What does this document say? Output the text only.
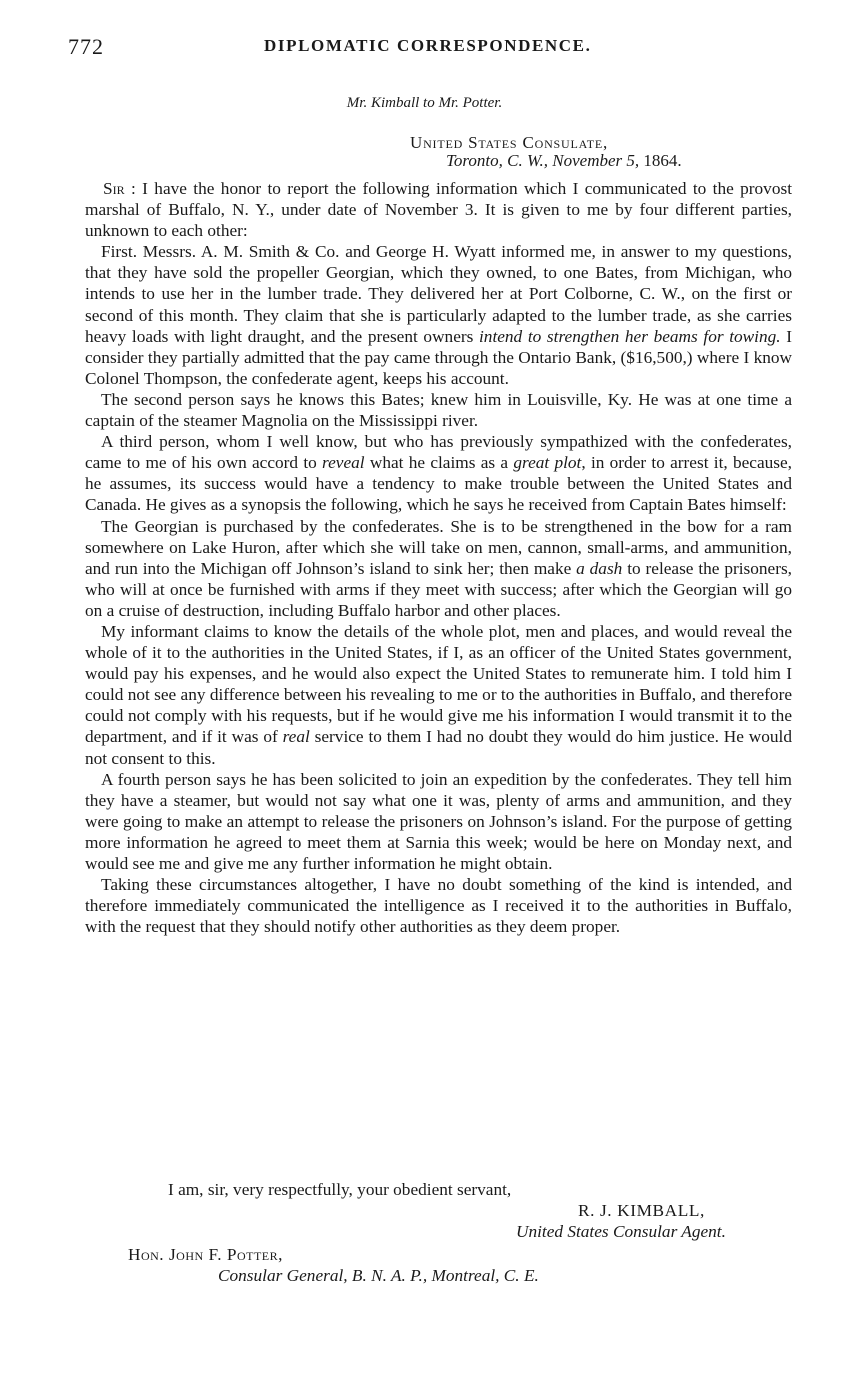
772	DIPLOMATIC CORRESPONDENCE.
Mr. Kimball to Mr. Potter.
United States Consulate,
Toronto, C. W., November 5, 1864.

Sir : I have the honor to report the following information which I communicated to the provost marshal of Buffalo, N. Y., under date of November 3. It is given to me by four different parties, unknown to each other:

First. Messrs. A. M. Smith & Co. and George H. Wyatt informed me, in answer to my questions, that they have sold the propeller Georgian, which they owned, to one Bates, from Michigan, who intends to use her in the lumber trade. They delivered her at Port Colborne, C. W., on the first or second of this month. They claim that she is particularly adapted to the lumber trade, as she carries heavy loads with light draught, and the present owners intend to strengthen her beams for towing. I consider they partially admitted that the pay came through the Ontario Bank, ($16,500,) where I know Colonel Thompson, the confederate agent, keeps his account.

The second person says he knows this Bates; knew him in Louisville, Ky. He was at one time a captain of the steamer Magnolia on the Mississippi river.

A third person, whom I well know, but who has previously sympathized with the confederates, came to me of his own accord to reveal what he claims as a great plot, in order to arrest it, because, he assumes, its success would have a tendency to make trouble between the United States and Canada. He gives as a synopsis the following, which he says he received from Captain Bates himself:

The Georgian is purchased by the confederates. She is to be strengthened in the bow for a ram somewhere on Lake Huron, after which she will take on men, cannon, small-arms, and ammunition, and run into the Michigan off Johnson’s island to sink her; then make a dash to release the prisoners, who will at once be furnished with arms if they meet with success; after which the Georgian will go on a cruise of destruction, including Buffalo harbor and other places.

My informant claims to know the details of the whole plot, men and places, and would reveal the whole of it to the authorities in the United States, if I, as an officer of the United States government, would pay his expenses, and he would also expect the United States to remunerate him. I told him I could not see any difference between his revealing to me or to the authorities in Buffalo, and therefore could not comply with his requests, but if he would give me his information I would transmit it to the department, and if it was of real service to them I had no doubt they would do him justice. He would not consent to this.

A fourth person says he has been solicited to join an expedition by the confederates. They tell him they have a steamer, but would not say what one it was, plenty of arms and ammunition, and they were going to make an attempt to release the prisoners on Johnson’s island. For the purpose of getting more information he agreed to meet them at Sarnia this week; would be here on Monday next, and would see me and give me any further information he might obtain.

Taking these circumstances altogether, I have no doubt something of the kind is intended, and therefore immediately communicated the intelligence as I received it to the authorities in Buffalo, with the request that they should notify other authorities as they deem proper.

I am, sir, very respectfully, your obedient servant,
R. J. KIMBALL,
United States Consular Agent.
Hon. John F. Potter,
Consular General, B. N. A. P., Montreal, C. E.
